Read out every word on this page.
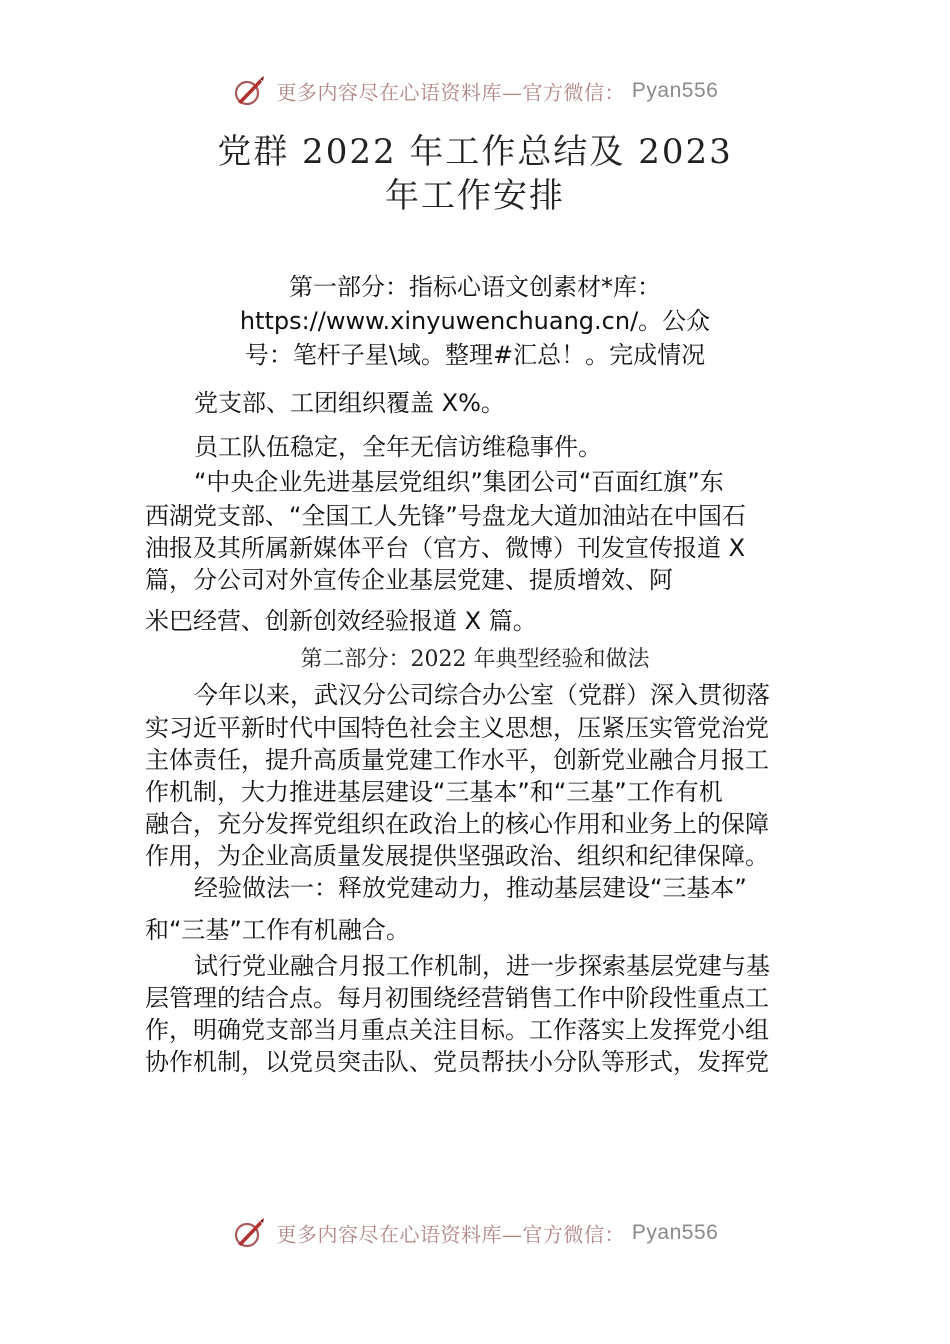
更多内容尽在心语资料库—官方微信： Pyan556
党群 2022 年工作总结及 2023
年工作安排
第一部分：指标心语文创素材*库：
https://www.xinyuwenchuang.cn/。公众
号：笔杆子星\域。整理#汇总！。完成情况
党支部、工团组织覆盖 X%。
员工队伍稳定，全年无信访维稳事件。
“中央企业先进基层党组织”集团公司“百面红旗”东
西湖党支部、“全国工人先锋”号盘龙大道加油站在中国石
油报及其所属新媒体平台（官方、微博）刊发宣传报道 X
篇，分公司对外宣传企业基层党建、提质增效、阿
米巴经营、创新创效经验报道 X 篇。
第二部分：2022 年典型经验和做法
今年以来，武汉分公司综合办公室（党群）深入贯彻落
实习近平新时代中国特色社会主义思想，压紧压实管党治党
主体责任，提升高质量党建工作水平，创新党业融合月报工
作机制，大力推进基层建设“三基本”和“三基”工作有机
融合，充分发挥党组织在政治上的核心作用和业务上的保障
作用，为企业高质量发展提供坚强政治、组织和纪律保障。
经验做法一：释放党建动力，推动基层建设“三基本”
和“三基”工作有机融合。
试行党业融合月报工作机制，进一步探索基层党建与基
层管理的结合点。每月初围绕经营销售工作中阶段性重点工
作，明确党支部当月重点关注目标。工作落实上发挥党小组
协作机制，以党员突击队、党员帮扶小分队等形式，发挥党
更多内容尽在心语资料库—官方微信： Pyan556
